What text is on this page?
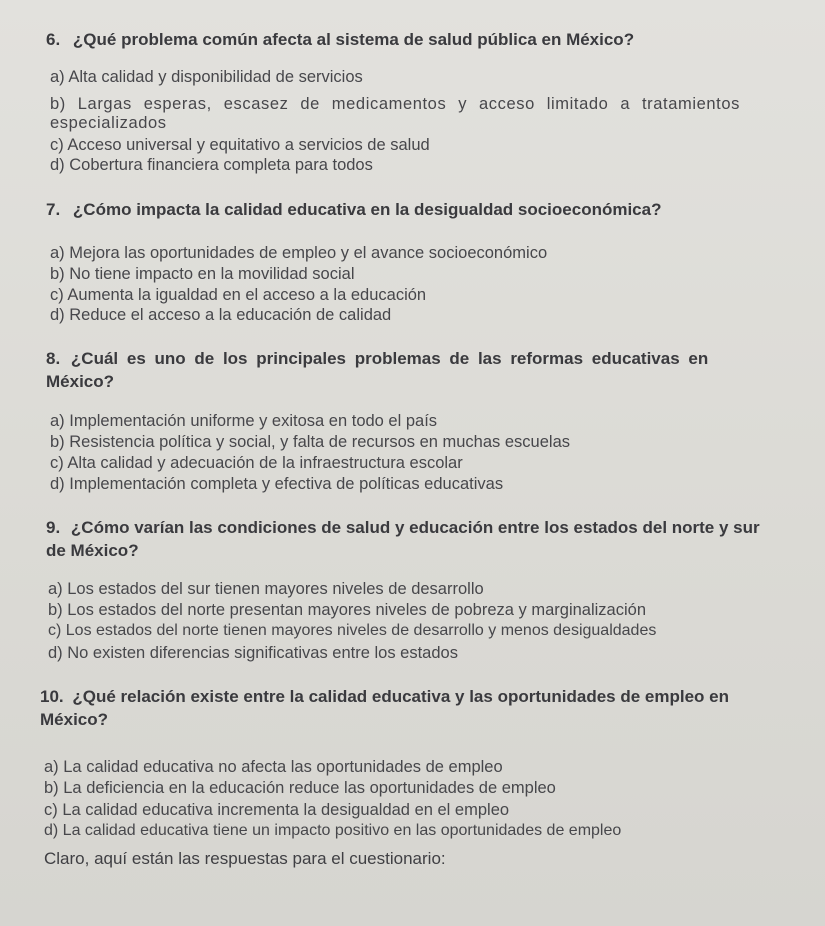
6. ¿Qué problema común afecta al sistema de salud pública en México?
a) Alta calidad y disponibilidad de servicios
b) Largas esperas, escasez de medicamentos y acceso limitado a tratamientos especializados
c) Acceso universal y equitativo a servicios de salud
d) Cobertura financiera completa para todos
7. ¿Cómo impacta la calidad educativa en la desigualdad socioeconómica?
a) Mejora las oportunidades de empleo y el avance socioeconómico
b) No tiene impacto en la movilidad social
c) Aumenta la igualdad en el acceso a la educación
d) Reduce el acceso a la educación de calidad
8. ¿Cuál es uno de los principales problemas de las reformas educativas en México?
a) Implementación uniforme y exitosa en todo el país
b) Resistencia política y social, y falta de recursos en muchas escuelas
c) Alta calidad y adecuación de la infraestructura escolar
d) Implementación completa y efectiva de políticas educativas
9. ¿Cómo varían las condiciones de salud y educación entre los estados del norte y sur de México?
a) Los estados del sur tienen mayores niveles de desarrollo
b) Los estados del norte presentan mayores niveles de pobreza y marginalización
c) Los estados del norte tienen mayores niveles de desarrollo y menos desigualdades
d) No existen diferencias significativas entre los estados
10. ¿Qué relación existe entre la calidad educativa y las oportunidades de empleo en México?
a) La calidad educativa no afecta las oportunidades de empleo
b) La deficiencia en la educación reduce las oportunidades de empleo
c) La calidad educativa incrementa la desigualdad en el empleo
d) La calidad educativa tiene un impacto positivo en las oportunidades de empleo
Claro, aquí están las respuestas para el cuestionario:
